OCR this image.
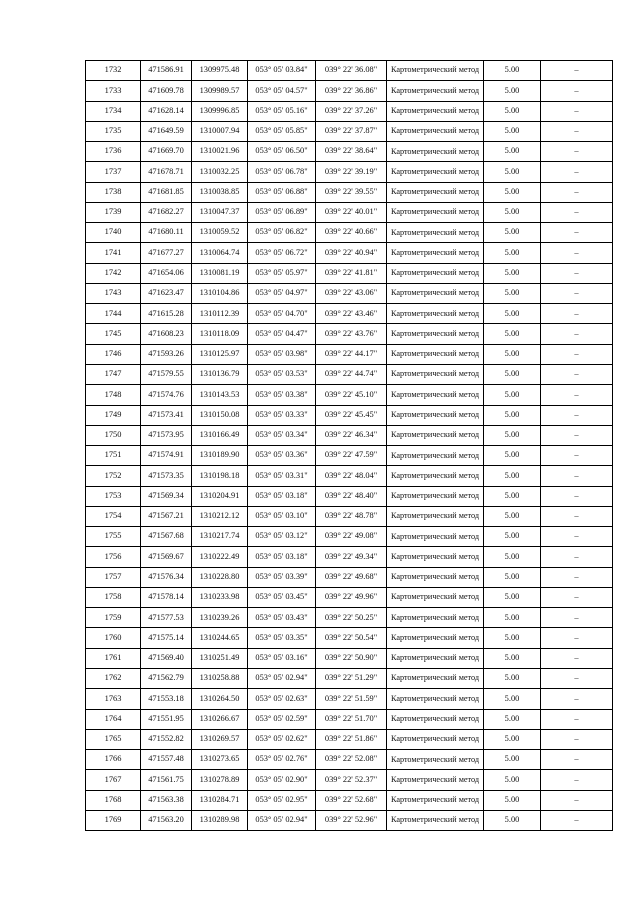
1732	471586.91	1309975.48	053° 05' 03.84"	039° 22' 36.08"	Картометрический метод	5.00	–
1733	471609.78	1309989.57	053° 05' 04.57"	039° 22' 36.86"	Картометрический метод	5.00	–
1734	471628.14	1309996.85	053° 05' 05.16"	039° 22' 37.26"	Картометрический метод	5.00	–
1735	471649.59	1310007.94	053° 05' 05.85"	039° 22' 37.87"	Картометрический метод	5.00	–
1736	471669.70	1310021.96	053° 05' 06.50"	039° 22' 38.64"	Картометрический метод	5.00	–
1737	471678.71	1310032.25	053° 05' 06.78"	039° 22' 39.19"	Картометрический метод	5.00	–
1738	471681.85	1310038.85	053° 05' 06.88"	039° 22' 39.55"	Картометрический метод	5.00	–
1739	471682.27	1310047.37	053° 05' 06.89"	039° 22' 40.01"	Картометрический метод	5.00	–
1740	471680.11	1310059.52	053° 05' 06.82"	039° 22' 40.66"	Картометрический метод	5.00	–
1741	471677.27	1310064.74	053° 05' 06.72"	039° 22' 40.94"	Картометрический метод	5.00	–
1742	471654.06	1310081.19	053° 05' 05.97"	039° 22' 41.81"	Картометрический метод	5.00	–
1743	471623.47	1310104.86	053° 05' 04.97"	039° 22' 43.06"	Картометрический метод	5.00	–
1744	471615.28	1310112.39	053° 05' 04.70"	039° 22' 43.46"	Картометрический метод	5.00	–
1745	471608.23	1310118.09	053° 05' 04.47"	039° 22' 43.76"	Картометрический метод	5.00	–
1746	471593.26	1310125.97	053° 05' 03.98"	039° 22' 44.17"	Картометрический метод	5.00	–
1747	471579.55	1310136.79	053° 05' 03.53"	039° 22' 44.74"	Картометрический метод	5.00	–
1748	471574.76	1310143.53	053° 05' 03.38"	039° 22' 45.10"	Картометрический метод	5.00	–
1749	471573.41	1310150.08	053° 05' 03.33"	039° 22' 45.45"	Картометрический метод	5.00	–
1750	471573.95	1310166.49	053° 05' 03.34"	039° 22' 46.34"	Картометрический метод	5.00	–
1751	471574.91	1310189.90	053° 05' 03.36"	039° 22' 47.59"	Картометрический метод	5.00	–
1752	471573.35	1310198.18	053° 05' 03.31"	039° 22' 48.04"	Картометрический метод	5.00	–
1753	471569.34	1310204.91	053° 05' 03.18"	039° 22' 48.40"	Картометрический метод	5.00	–
1754	471567.21	1310212.12	053° 05' 03.10"	039° 22' 48.78"	Картометрический метод	5.00	–
1755	471567.68	1310217.74	053° 05' 03.12"	039° 22' 49.08"	Картометрический метод	5.00	–
1756	471569.67	1310222.49	053° 05' 03.18"	039° 22' 49.34"	Картометрический метод	5.00	–
1757	471576.34	1310228.80	053° 05' 03.39"	039° 22' 49.68"	Картометрический метод	5.00	–
1758	471578.14	1310233.98	053° 05' 03.45"	039° 22' 49.96"	Картометрический метод	5.00	–
1759	471577.53	1310239.26	053° 05' 03.43"	039° 22' 50.25"	Картометрический метод	5.00	–
1760	471575.14	1310244.65	053° 05' 03.35"	039° 22' 50.54"	Картометрический метод	5.00	–
1761	471569.40	1310251.49	053° 05' 03.16"	039° 22' 50.90"	Картометрический метод	5.00	–
1762	471562.79	1310258.88	053° 05' 02.94"	039° 22' 51.29"	Картометрический метод	5.00	–
1763	471553.18	1310264.50	053° 05' 02.63"	039° 22' 51.59"	Картометрический метод	5.00	–
1764	471551.95	1310266.67	053° 05' 02.59"	039° 22' 51.70"	Картометрический метод	5.00	–
1765	471552.82	1310269.57	053° 05' 02.62"	039° 22' 51.86"	Картометрический метод	5.00	–
1766	471557.48	1310273.65	053° 05' 02.76"	039° 22' 52.08"	Картометрический метод	5.00	–
1767	471561.75	1310278.89	053° 05' 02.90"	039° 22' 52.37"	Картометрический метод	5.00	–
1768	471563.38	1310284.71	053° 05' 02.95"	039° 22' 52.68"	Картометрический метод	5.00	–
1769	471563.20	1310289.98	053° 05' 02.94"	039° 22' 52.96"	Картометрический метод	5.00	–
